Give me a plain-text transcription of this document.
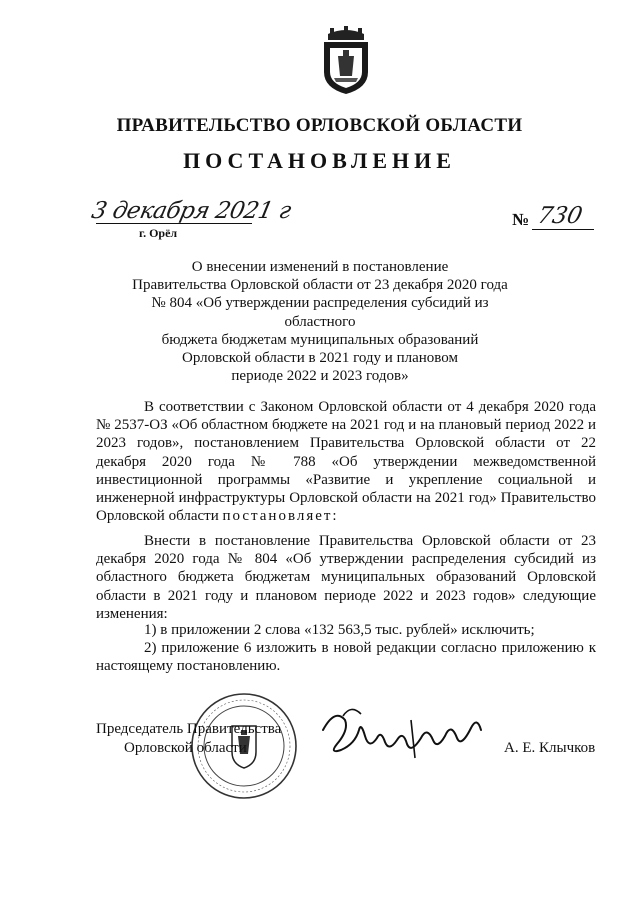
ПРАВИТЕЛЬСТВО ОРЛОВСКОЙ ОБЛАСТИ
ПОСТАНОВЛЕНИЕ
3 декабря 2021 г
г. Орёл
№ 730
О внесении изменений в постановление
Правительства Орловской области от 23 декабря 2020 года
№ 804 «Об утверждении распределения субсидий из областного
бюджета бюджетам муниципальных образований
Орловской области в 2021 году и плановом
периоде 2022 и 2023 годов»
В соответствии с Законом Орловской области от 4 декабря 2020 года № 2537-ОЗ «Об областном бюджете на 2021 год и на плановый период 2022 и 2023 годов», постановлением Правительства Орловской области от 22 декабря 2020 года № 788 «Об утверждении межведомственной инвестиционной программы «Развитие и укрепление социальной и инженерной инфраструктуры Орловской области на 2021 год» Правительство Орловской области постановляет:
Внести в постановление Правительства Орловской области от 23 декабря 2020 года № 804 «Об утверждении распределения субсидий из областного бюджета бюджетам муниципальных образований Орловской области в 2021 году и плановом периоде 2022 и 2023 годов» следующие изменения:
1) в приложении 2 слова «132 563,5 тыс. рублей» исключить;
2) приложение 6 изложить в новой редакции согласно приложению к настоящему постановлению.
Председатель Правительства
Орловской области	А. Е. Клычков
